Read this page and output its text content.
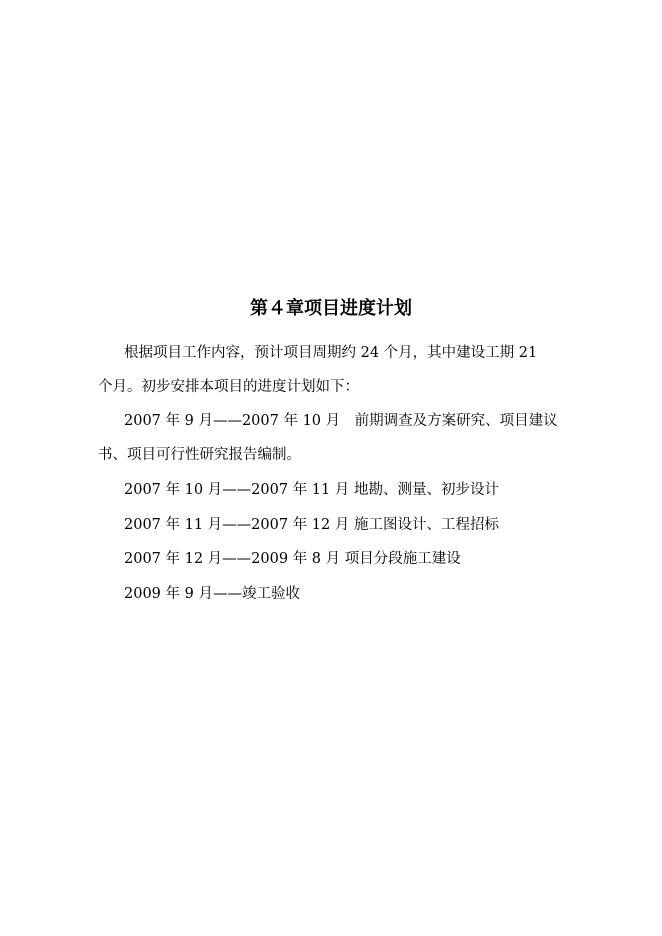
第４章项目进度计划
根据项目工作内容，预计项目周期约 24 个月，其中建设工期 21
个月。初步安排本项目的进度计划如下：
2007 年 9 月——2007 年 10 月　前期调查及方案研究、项目建议
书、项目可行性研究报告编制。
2007 年 10 月——2007 年 11 月 地勘、测量、初步设计
2007 年 11 月——2007 年 12 月 施工图设计、工程招标
2007 年 12 月——2009 年 8 月 项目分段施工建设
2009 年 9 月——竣工验收
